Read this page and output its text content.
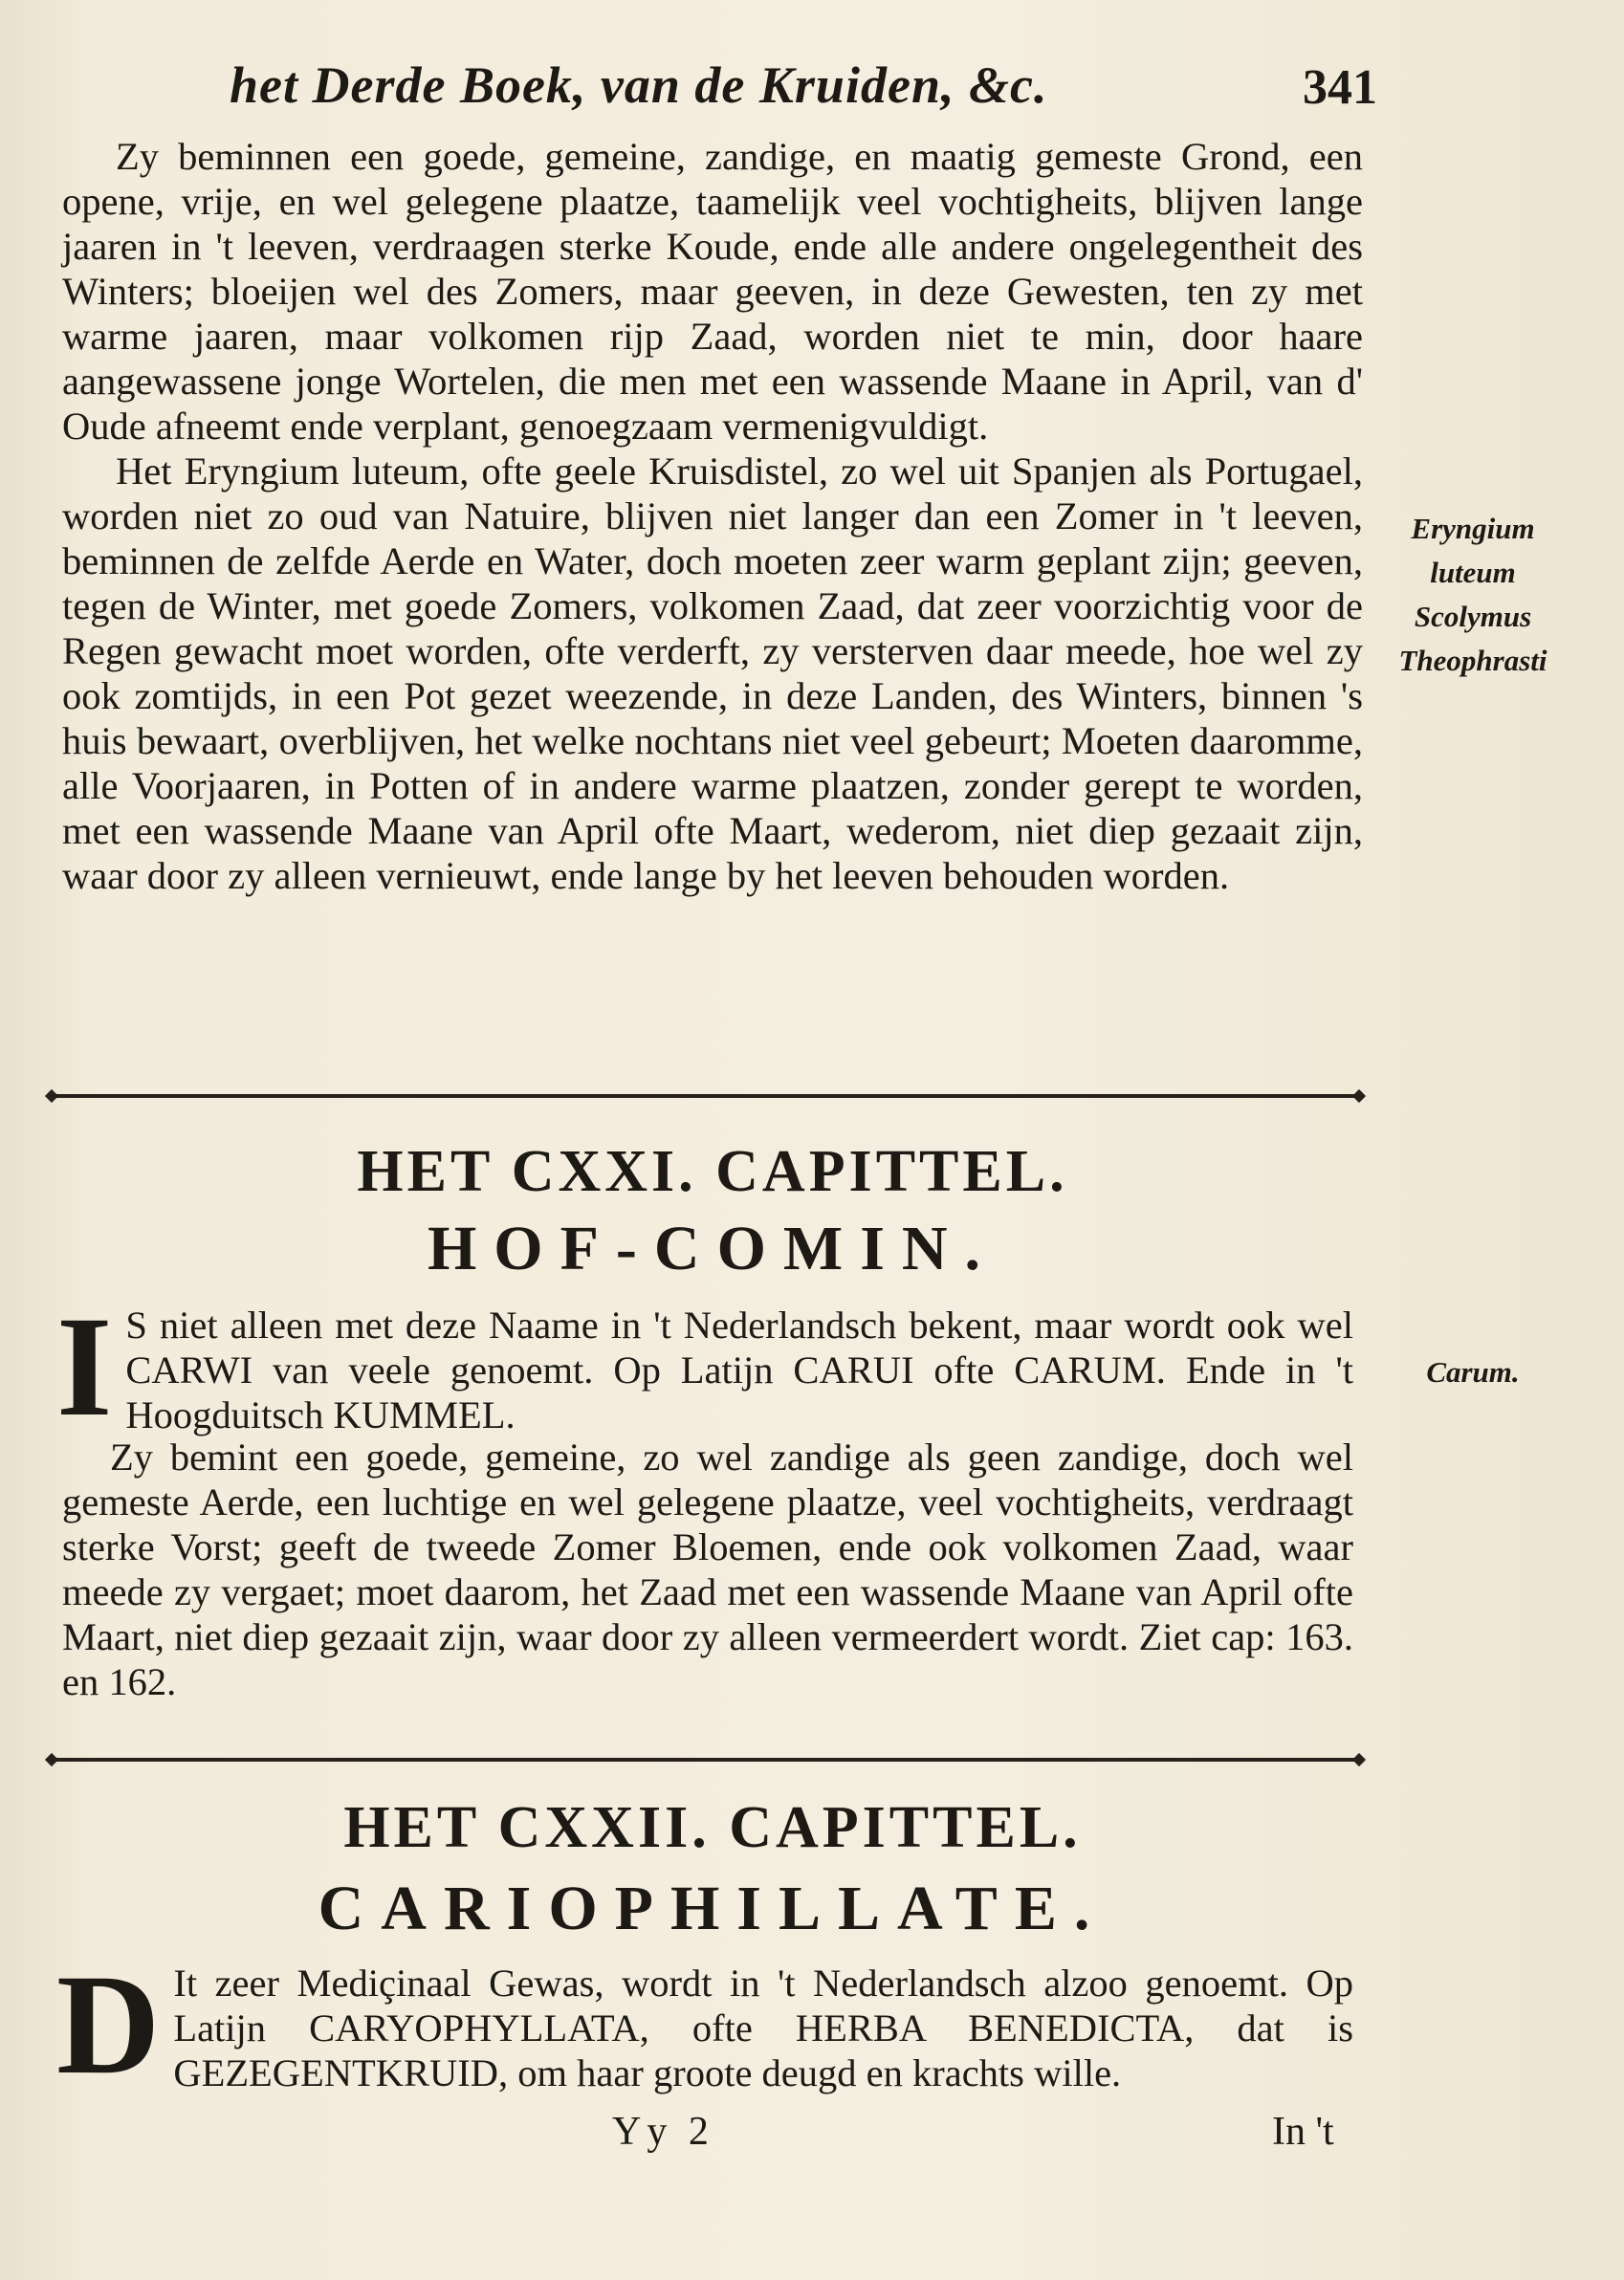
het Derde Boek, van de Kruiden, &c.	341

Zy beminnen een goede, gemeine, zandige, en maatig gemeste Grond, een opene, vrije, en wel gelegene plaatze, taamelijk veel vochtigheits, blijven lange jaaren in 't leeven, verdraagen sterke Koude, ende alle andere ongelegentheit des Winters; bloeijen wel des Zomers, maar geeven, in deze Gewesten, ten zy met warme jaaren, maar volkomen rijp Zaad, worden niet te min, door haare aangewassene jonge Wortelen, die men met een wassende Maane in April, van d' Oude afneemt ende verplant, genoegzaam vermenigvuldigt.

Het Eryngium luteum, ofte geele Kruisdistel, zo wel uit Spanjen als Portugael, worden niet zo oud van Natuire, blijven niet langer dan een Zomer in 't leeven, beminnen de zelfde Aerde en Water, doch moeten zeer warm geplant zijn; geeven, tegen de Winter, met goede Zomers, volkomen Zaad, dat zeer voorzichtig voor de Regen gewacht moet worden, ofte verderft, zy versterven daar meede, hoe wel zy ook zomtijds, in een Pot gezet weezende, in deze Landen, des Winters, binnen 's huis bewaart, overblijven, het welke nochtans niet veel gebeurt; Moeten daaromme, alle Voorjaaren, in Potten of in andere warme plaatzen, zonder gerept te worden, met een wassende Maane van April ofte Maart, wederom, niet diep gezaait zijn, waar door zy alleen vernieuwt, ende lange by het leeven behouden worden.

Eryngium luteum
Scolymus Theophrasti
HET CXXI. CAPITTEL.
HOF-COMIN.
I S niet alleen met deze Naame in 't Nederlandsch bekent, maar wordt ook wel CARWI van veele genoemt. Op Latijn CARUI ofte CARUM. Ende in 't Hoogduitsch KUMMEL.

Carum.

Zy bemint een goede, gemeine, zo wel zandige als geen zandige, doch wel gemeste Aerde, een luchtige en wel gelegene plaatze, veel vochtigheits, verdraagt sterke Vorst; geeft de tweede Zomer Bloemen, ende ook volkomen Zaad, waar meede zy vergaet; moet daarom, het Zaad met een wassende Maane van April ofte Maart, niet diep gezaait zijn, waar door zy alleen vermeerdert wordt. Ziet cap: 163. en 162.

HET CXXII. CAPITTEL.
CARIOPHILLATE.
D It zeer Mediçinaal Gewas, wordt in 't Nederlandsch alzoo genoemt. Op Latijn CARYOPHYLLATA, ofte HERBA BENEDICTA, dat is GEZEGENTKRUID, om haar groote deugd en krachts wille.

Yy 2	In 't
